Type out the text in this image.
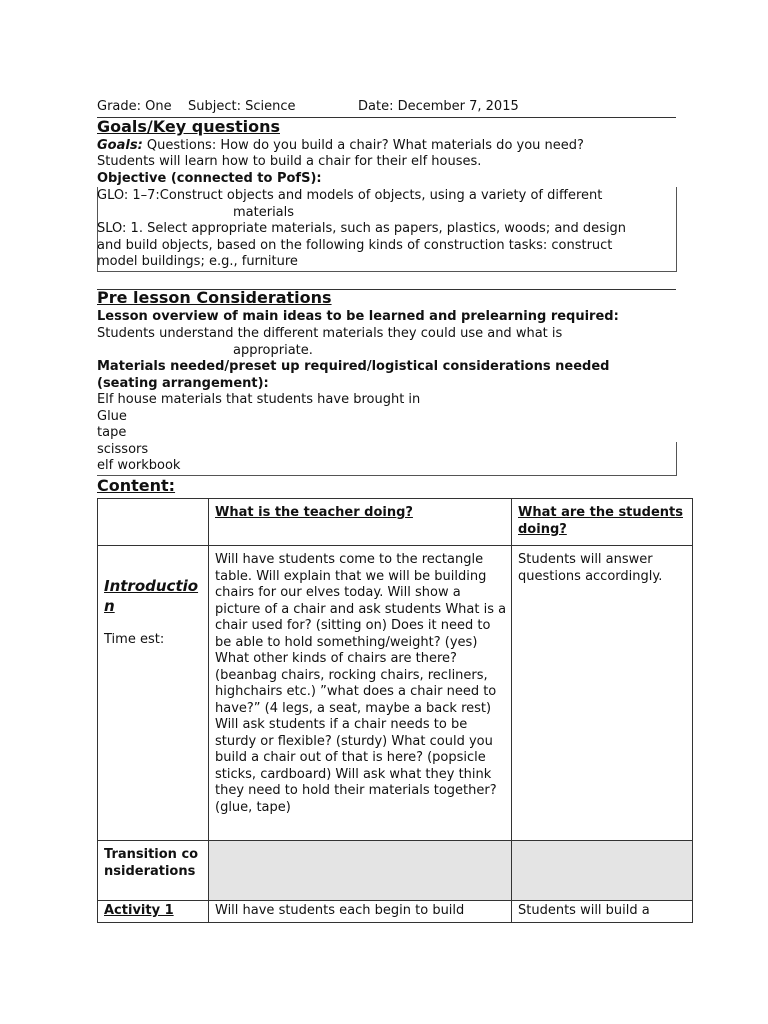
Grade: One Subject: Science	Date: December 7, 2015
Goals/Key questions
Goals: Questions: How do you build a chair? What materials do you need?
Students will learn how to build a chair for their elf houses.
Objective (connected to PofS):
GLO: 1–7:Construct objects and models of objects, using a variety of different
materials
SLO: 1. Select appropriate materials, such as papers, plastics, woods; and design
and build objects, based on the following kinds of construction tasks: construct
model buildings; e.g., furniture
Pre lesson Considerations
Lesson overview of main ideas to be learned and prelearning required:
Students understand the different materials they could use and what is
appropriate.
Materials needed/preset up required/logistical considerations needed
(seating arrangement):
Elf house materials that students have brought in
Glue
tape
scissors
elf workbook
Content:
	What is the teacher doing?	What are the students doing?

Introduction
Time est:	Will have students come to the rectangle table. Will explain that we will be building chairs for our elves today. Will show a picture of a chair and ask students What is a chair used for? (sitting on) Does it need to be able to hold something/weight? (yes) What other kinds of chairs are there? (beanbag chairs, rocking chairs, recliners, highchairs etc.) ”what does a chair need to have?” (4 legs, a seat, maybe a back rest) Will ask students if a chair needs to be sturdy or flexible? (sturdy) What could you build a chair out of that is here? (popsicle sticks, cardboard) Will ask what they think they need to hold their materials together? (glue, tape)	Students will answer questions accordingly.

Transition considerations		

Activity 1	Will have students each begin to build	Students will build a
